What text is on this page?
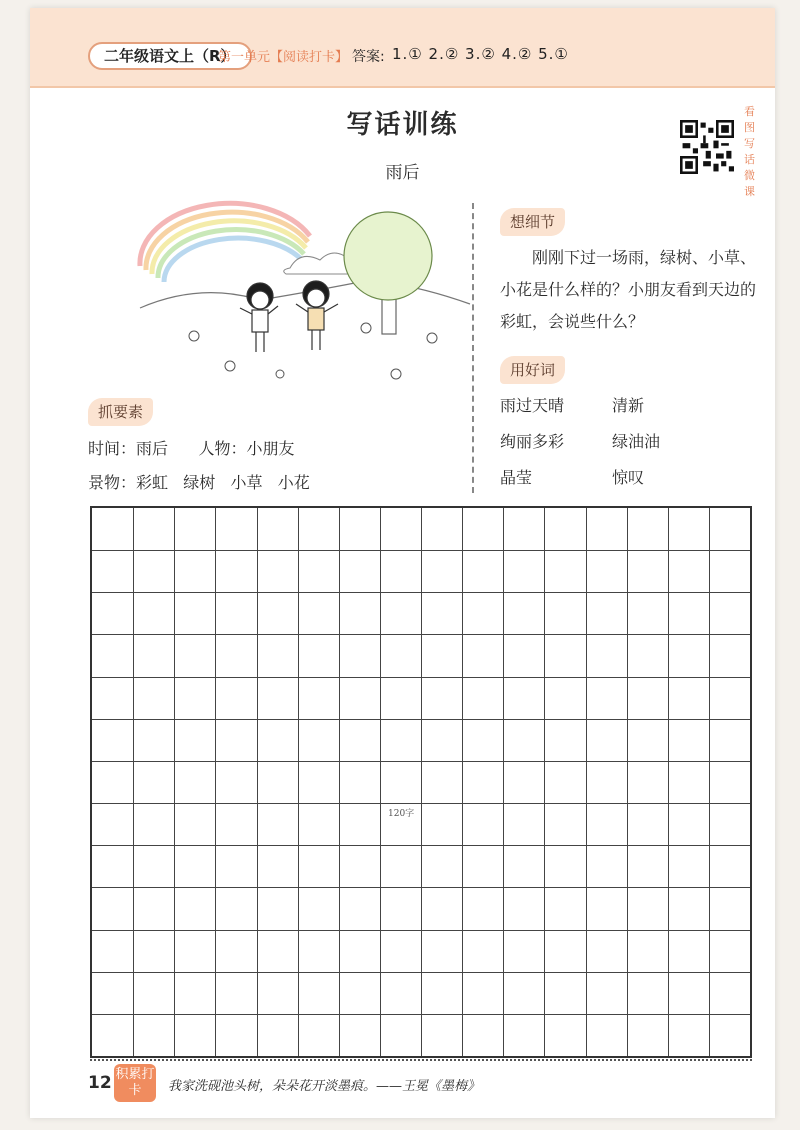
二年级语文上（R）
第一单元【阅读打卡】 答案: 1.① 2.② 3.② 4.② 5.①
写话训练
雨后
看图写话微课
想细节
刚刚下过一场雨，绿树、小草、小花是什么样的？小朋友看到天边的彩虹，会说些什么？
用好词
雨过天晴	清新
绚丽多彩	绿油油
晶莹	惊叹
抓要素
时间：雨后      人物：小朋友
景物：彩虹   绿树   小草   小花
120字
12 积累打卡	我家洗砚池头树，朵朵花开淡墨痕。——王冕《墨梅》
